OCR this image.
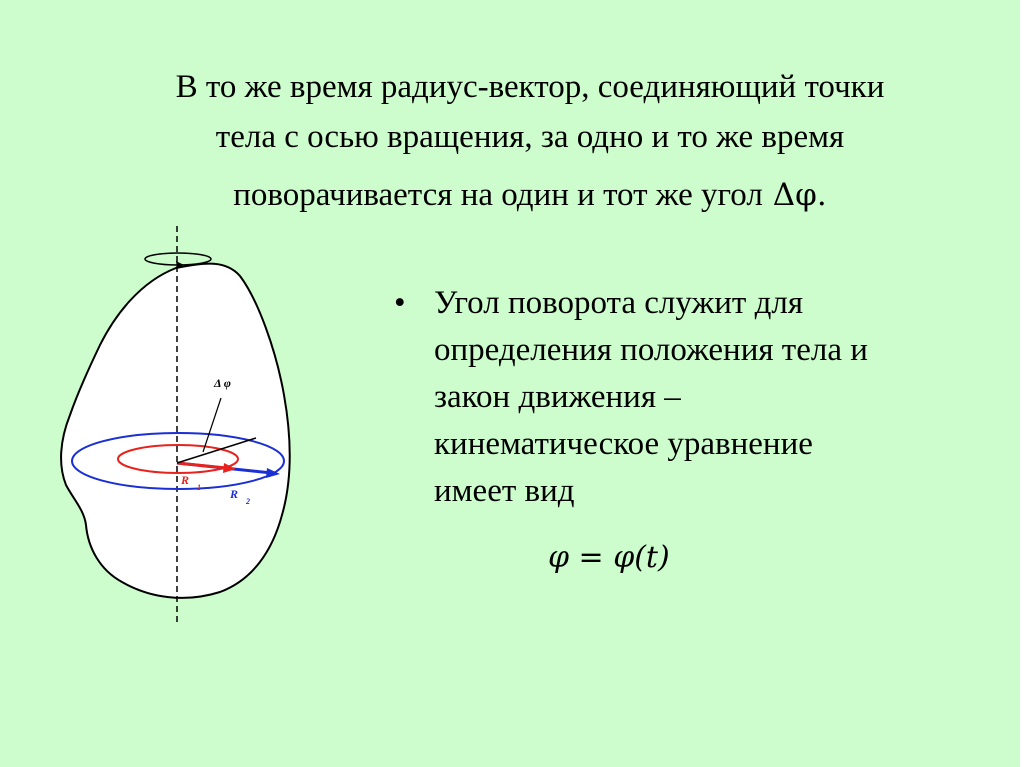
В то же время радиус-вектор, соединяющий точки
тела с осью вращения, за одно и то же время
поворачивается на один и тот же угол Δφ.
Δ φ
R
1 R
2
• Угол поворота служит для
определения положения тела и
закон движения –
кинематическое уравнение
имеет вид
φ = φ(t)
